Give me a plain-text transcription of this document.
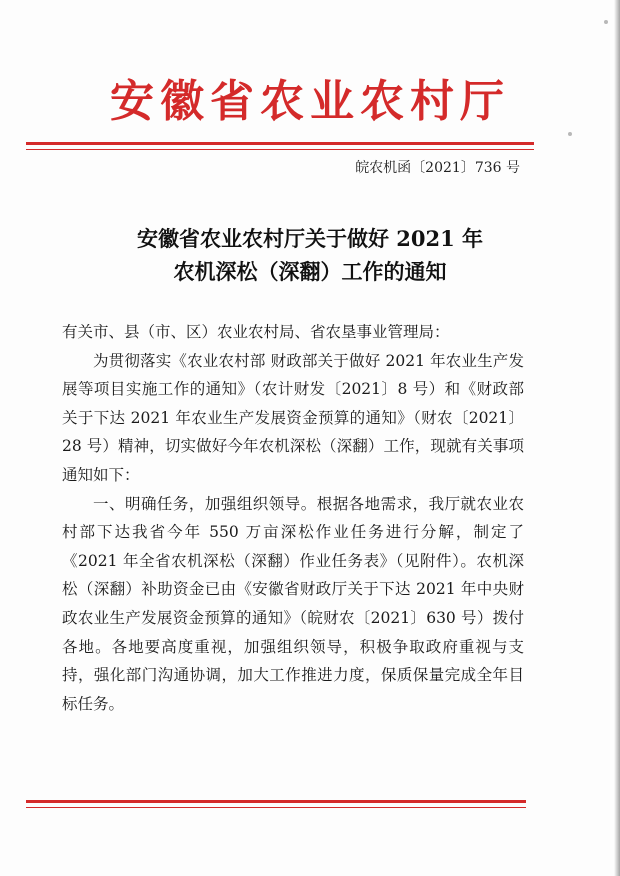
安徽省农业农村厅
皖农机函〔2021〕736 号
安徽省农业农村厅关于做好 2021 年
农机深松（深翻）工作的通知

有关市、县（市、区）农业农村局、省农垦事业管理局：

为贯彻落实《农业农村部 财政部关于做好 2021 年农业生产发展等项目实施工作的通知》（农计财发〔2021〕8 号）和《财政部关于下达 2021 年农业生产发展资金预算的通知》（财农〔2021〕28 号）精神，切实做好今年农机深松（深翻）工作，现就有关事项通知如下：

一、明确任务，加强组织领导。根据各地需求，我厅就农业农村部下达我省今年 550 万亩深松作业任务进行分解，制定了《2021 年全省农机深松（深翻）作业任务表》（见附件）。农机深松（深翻）补助资金已由《安徽省财政厅关于下达 2021 年中央财政农业生产发展资金预算的通知》（皖财农〔2021〕630 号）拨付各地。各地要高度重视，加强组织领导，积极争取政府重视与支持，强化部门沟通协调，加大工作推进力度，保质保量完成全年目标任务。
